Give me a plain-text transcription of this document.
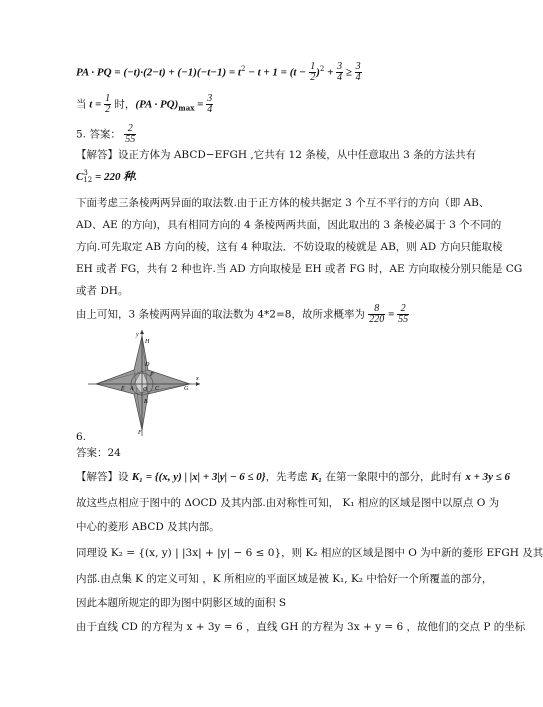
PA · PQ = $(-t)\cdot(2-t) + (-1)(-t-1) = t^2 - t + 1 = (t - \frac{1}{2} )^2 + \frac{3}{4} \ge \frac{3}{4}$
当 $t = \frac{1}{2}$ 时，$(PA \cdot PQ)_{max} = \frac{3}{4}$
5. 答案： $\frac{2}{55}$
【解答】设正方体为 ABCD−EFGH ,它共有 12 条棱，从中任意取出 3 条的方法共有
C 3
12 = 220 种.
下面考虑三条棱两两异面的取法数.由于正方体的棱共据定 3 个互不平行的方向（即 AB、
AD、AE 的方向)，具有相同方向的 4 条棱两两共面，因此取出的 3 条棱必属于 3 个不同的
方向.可先取定 AB 方向的棱，这有 4 种取法．不妨设取的棱就是 AB，则 AD 方向只能取棱
EH 或者 FG，共有 2 种也许.当 AD 方向取棱是 EH 或者 FG 时，AE 方向取棱分别只能是 CG
或者 DH。
由上可知，3 条棱两两异面的取法数为 4*2=8，故所求概率为 $\frac{8}{220} = \frac{2}{55}$
y
H
D
P
E A O C	G
B
F
x
6.
答案：24
【解答】设 K₁ = {(x, y) | |x| + 3|y| − 6 ≤ 0}，先考虑 K₁ 在第一象限中的部分，此时有 x + 3y ≤ 6
故这些点相应于图中的 ΔOCD 及其内部.由对称性可知， K₁ 相应的区域是图中以原点 O 为
中心的菱形 ABCD 及其内部。
同理设 K₂ = {(x, y) | |3x| + |y| − 6 ≤ 0}，则 K₂ 相应的区域是图中 O 为中新的菱形 EFGH 及其
内部.由点集 K 的定义可知 ，K 所相应的平面区域是被 K₁, K₂ 中恰好一个所覆盖的部分，
因此本题所规定的即为图中阴影区域的面积 S
由于直线 CD 的方程为 x + 3y = 6 ，直线 GH 的方程为 3x + y = 6 ，故他们的交点 P 的坐标
